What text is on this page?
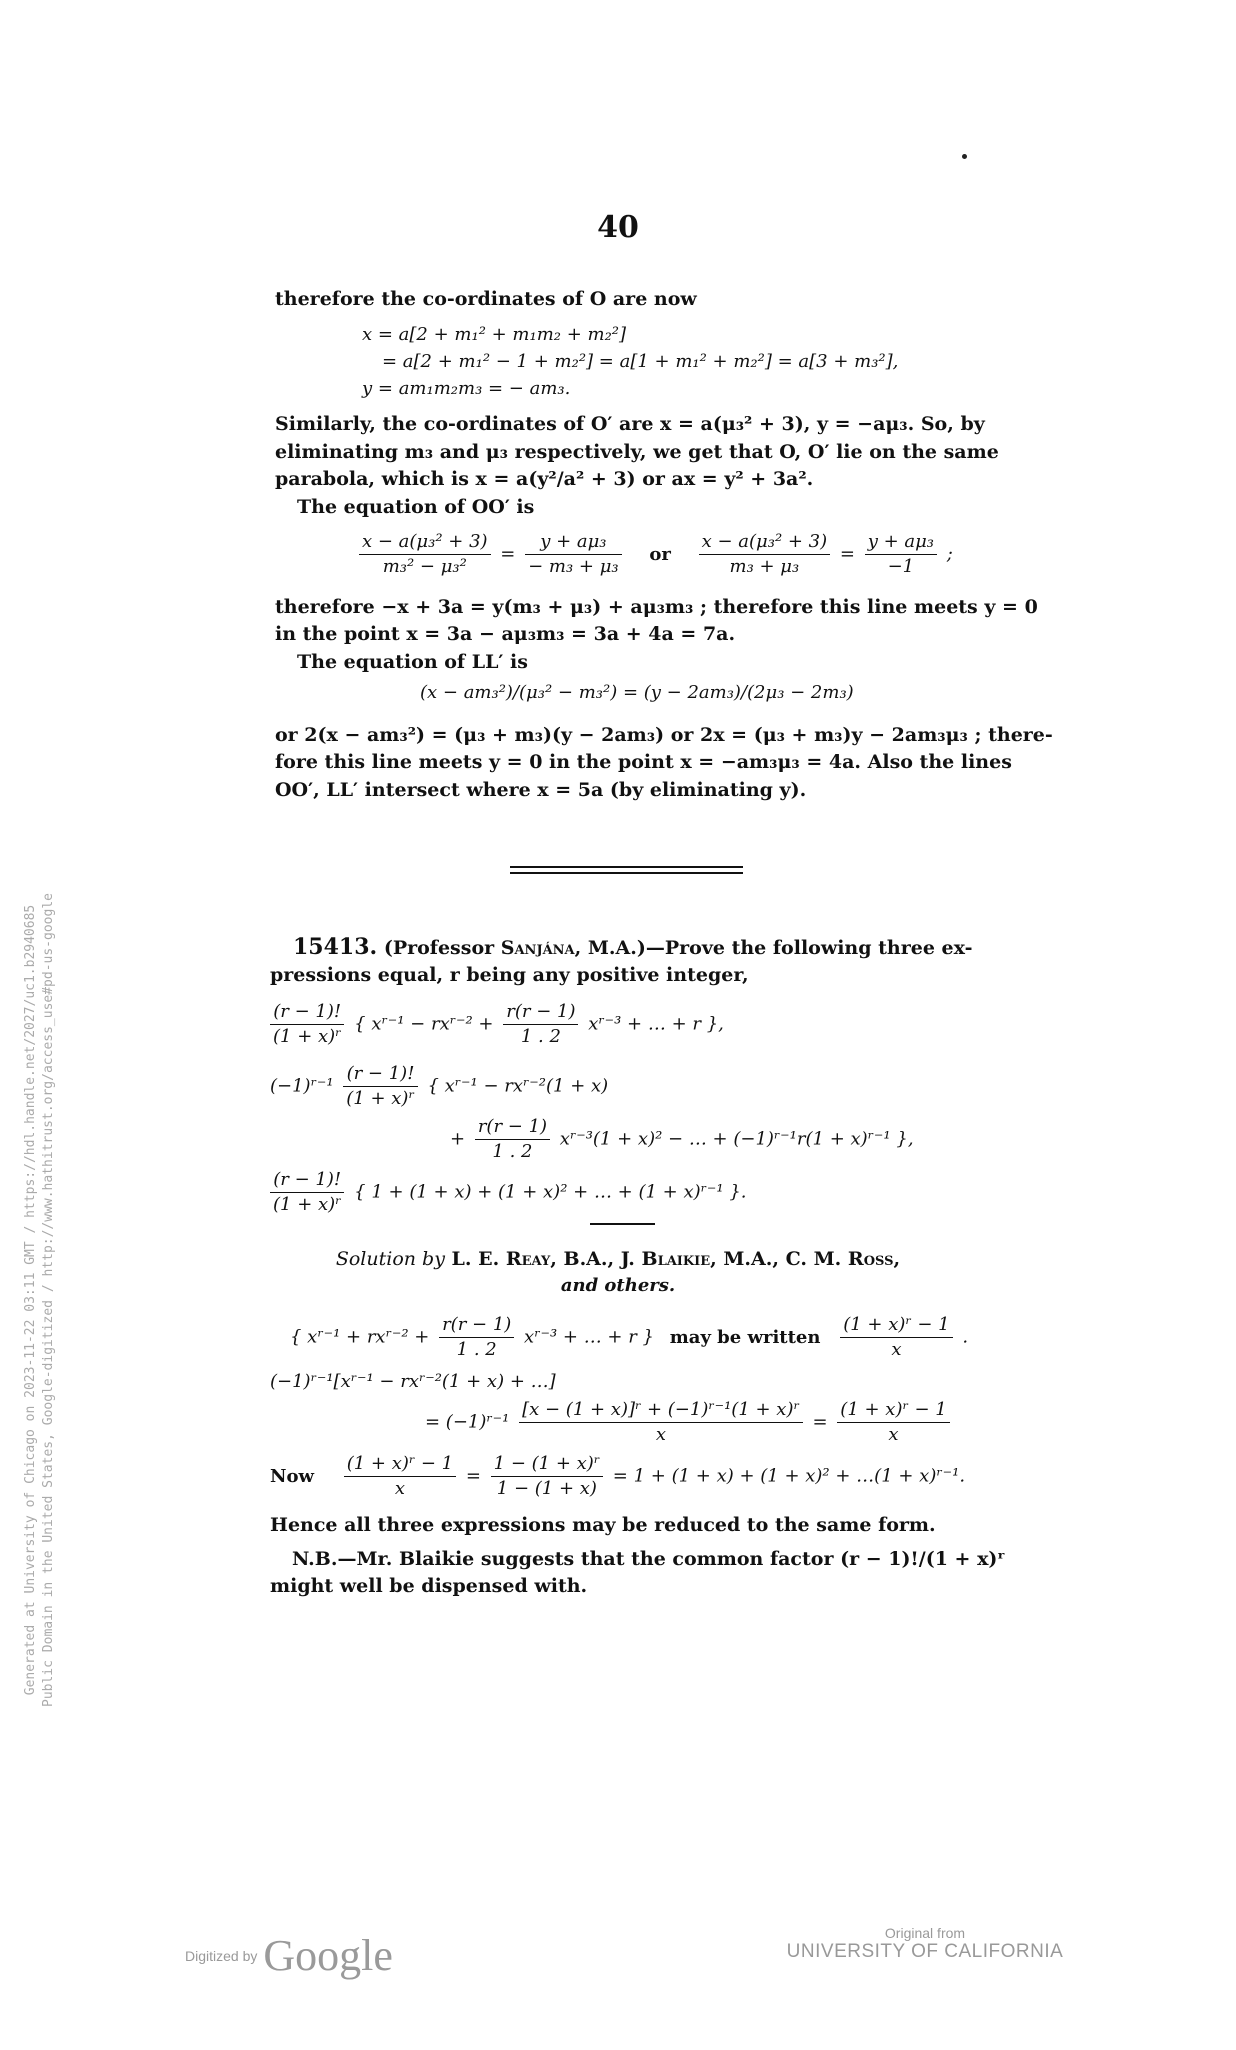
40
therefore the co-ordinates of O are now
x = a[2 + m₁² + m₁m₂ + m₂²]
= a[2 + m₁² − 1 + m₂²] = a[1 + m₁² + m₂²] = a[3 + m₃²],
y = am₁m₂m₃ = − am₃.
Similarly, the co-ordinates of O′ are x = a(μ₃² + 3), y = −aμ₃. So, by
eliminating m₃ and μ₃ respectively, we get that O, O′ lie on the same
parabola, which is x = a(y²/a² + 3) or ax = y² + 3a².
The equation of OO′ is
$\frac{\text{x − a(μ₃² + 3)}}{\text{m₃² − μ₃²}} = \frac{\text{y + aμ₃}}{\text{− m₃ + μ₃}}$ or $\frac{\text{x − a(μ₃² + 3)}}{\text{m₃ + μ₃}} = \frac{\text{y + aμ₃}}{-1}$ ;
therefore −x + 3a = y(m₃ + μ₃) + aμ₃m₃ ; therefore this line meets y = 0
in the point x = 3a − aμ₃m₃ = 3a + 4a = 7a.
The equation of LL′ is
(x − am₃²)/(μ₃² − m₃²) = (y − 2am₃)/(2μ₃ − 2m₃)
or 2(x − am₃²) = (μ₃ + m₃)(y − 2am₃) or 2x = (μ₃ + m₃)y − 2am₃μ₃ ; there-
fore this line meets y = 0 in the point x = −am₃μ₃ = 4a. Also the lines
OO′, LL′ intersect where x = 5a (by eliminating y).
15413. (Professor Sanjána, M.A.)—Prove the following three ex-
pressions equal, r being any positive integer,
$\frac{(r - 1)!}{\text{(1 + x)ʳ}}$ { xʳ⁻¹ − rxʳ⁻² + $\frac{r(r - 1)}{1 . 2}$ xʳ⁻³ + … + r },
(−1)ʳ⁻¹ $\frac{(r - 1)!}{\text{(1 + x)ʳ}}$ { xʳ⁻¹ − rxʳ⁻²(1 + x)
+ $\frac{r(r - 1)}{1 . 2}$ xʳ⁻³(1 + x)² − … + (−1)ʳ⁻¹r(1 + x)ʳ⁻¹ },
$\frac{(r - 1)!}{\text{(1 + x)ʳ}}$ { 1 + (1 + x) + (1 + x)² + … + (1 + x)ʳ⁻¹ }.
Solution by L. E. Reay, B.A., J. Blaikie, M.A., C. M. Ross,
and others.
{ xʳ⁻¹ + rxʳ⁻² + $\frac{r(r - 1)}{1 . 2}$ xʳ⁻³ + … + r } may be written $\frac{\text{(1 + x)ʳ − 1}}{x}$ .
(−1)ʳ⁻¹[xʳ⁻¹ − rxʳ⁻²(1 + x) + …]
= (−1)ʳ⁻¹ $\frac{\text{[x − (1 + x)]ʳ + (−1)ʳ⁻¹(1 + x)ʳ}}{x} = \frac{\text{(1 + x)ʳ − 1}}{x}$
Now $\frac{\text{(1 + x)ʳ − 1}}{x} = \frac{\text{1 − (1 + x)ʳ}}{1 - (1 + x)} = 1 + (1 + x) + (1 + x)^2$ + …(1 + x)ʳ⁻¹.
Hence all three expressions may be reduced to the same form.
N.B.—Mr. Blaikie suggests that the common factor (r − 1)!/(1 + x)ʳ
might well be dispensed with.
Generated at University of Chicago on 2023-11-22 03:11 GMT / https://hdl.handle.net/2027/uc1.b2940685 Public Domain in the United States, Google-digitized / http://www.hathitrust.org/access_use#pd-us-google
Digitized by Google	Original from
UNIVERSITY OF CALIFORNIA
